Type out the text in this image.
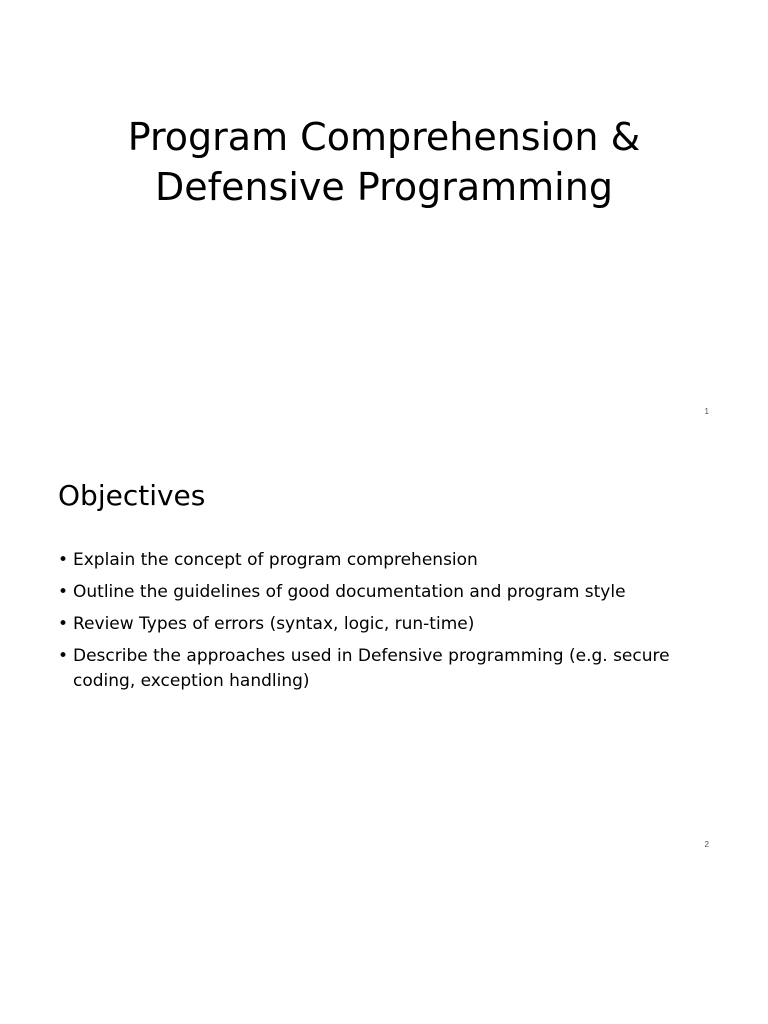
Program Comprehension &
Defensive Programming
1
Objectives
• Explain the concept of program comprehension
• Outline the guidelines of good documentation and program style
• Review Types of errors (syntax, logic, run-time)
• Describe the approaches used in Defensive programming (e.g. secure coding, exception handling)
2
